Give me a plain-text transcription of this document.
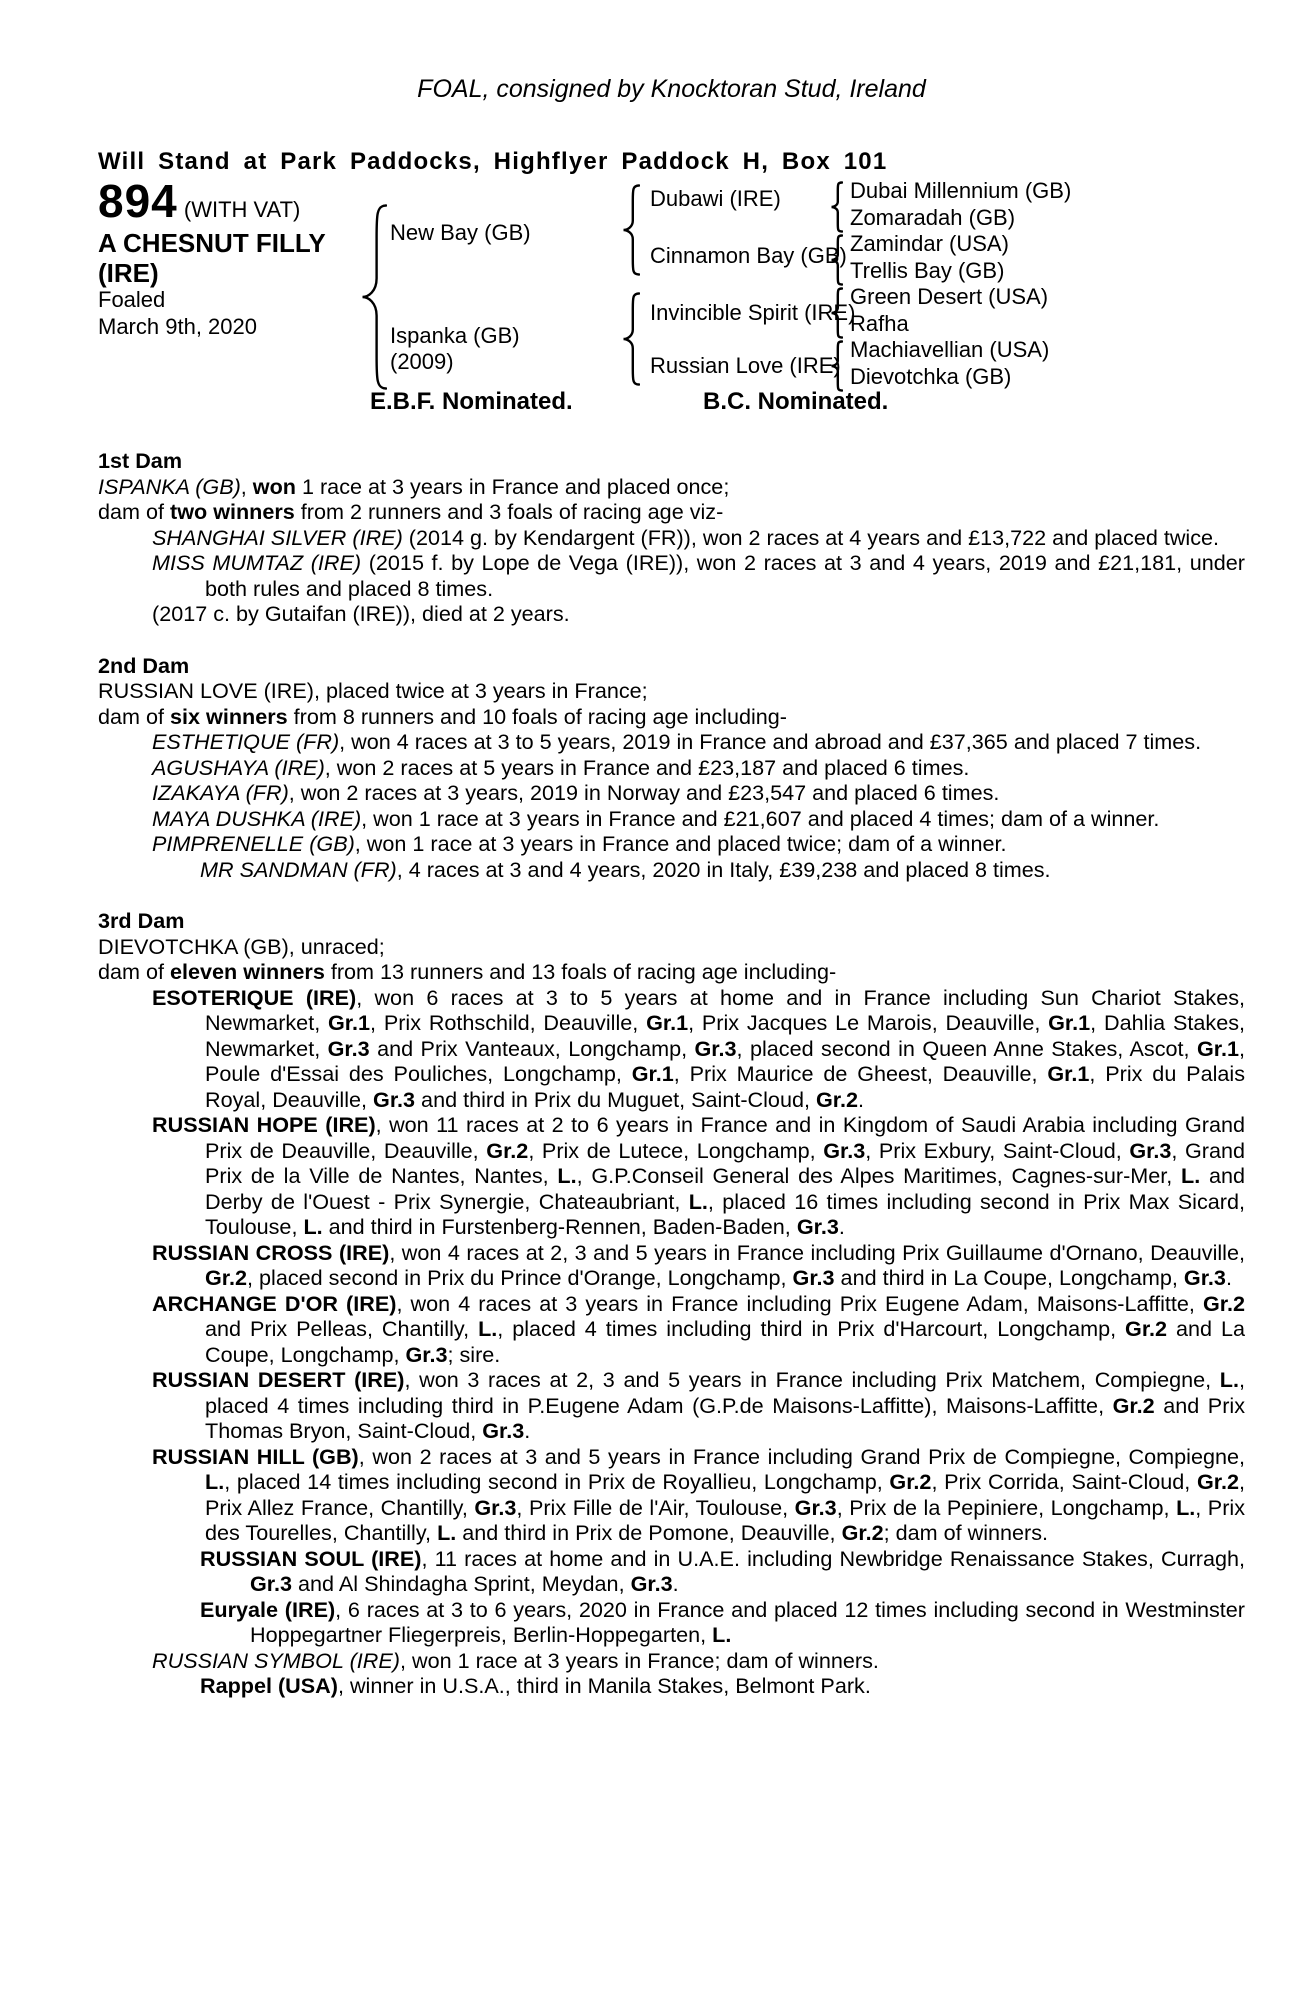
FOAL, consigned by Knocktoran Stud, Ireland
Will Stand at Park Paddocks, Highflyer Paddock H, Box 101
894 (WITH VAT)
A CHESNUT FILLY
(IRE)
Foaled
March 9th, 2020
New Bay (GB)
Ispanka (GB)
(2009)
Dubawi (IRE)
Cinnamon Bay (GB)
Invincible Spirit (IRE)
Russian Love (IRE)
Dubai Millennium (GB)
Zomaradah (GB)
Zamindar (USA)
Trellis Bay (GB)
Green Desert (USA)
Rafha
Machiavellian (USA)
Dievotchka (GB)
E.B.F. Nominated.	B.C. Nominated.
1st Dam

ISPANKA (GB), won 1 race at 3 years in France and placed once;

dam of two winners from 2 runners and 3 foals of racing age viz-

SHANGHAI SILVER (IRE) (2014 g. by Kendargent (FR)), won 2 races at 4 years and £13,722 and placed twice.

MISS MUMTAZ (IRE) (2015 f. by Lope de Vega (IRE)), won 2 races at 3 and 4 years, 2019 and £21,181, under both rules and placed 8 times.

(2017 c. by Gutaifan (IRE)), died at 2 years.

2nd Dam

RUSSIAN LOVE (IRE), placed twice at 3 years in France;

dam of six winners from 8 runners and 10 foals of racing age including-

ESTHETIQUE (FR), won 4 races at 3 to 5 years, 2019 in France and abroad and £37,365 and placed 7 times.

AGUSHAYA (IRE), won 2 races at 5 years in France and £23,187 and placed 6 times.

IZAKAYA (FR), won 2 races at 3 years, 2019 in Norway and £23,547 and placed 6 times.

MAYA DUSHKA (IRE), won 1 race at 3 years in France and £21,607 and placed 4 times; dam of a winner.

PIMPRENELLE (GB), won 1 race at 3 years in France and placed twice; dam of a winner.

MR SANDMAN (FR), 4 races at 3 and 4 years, 2020 in Italy, £39,238 and placed 8 times.

3rd Dam

DIEVOTCHKA (GB), unraced;

dam of eleven winners from 13 runners and 13 foals of racing age including-

ESOTERIQUE (IRE), won 6 races at 3 to 5 years at home and in France including Sun Chariot Stakes, Newmarket, Gr.1, Prix Rothschild, Deauville, Gr.1, Prix Jacques Le Marois, Deauville, Gr.1, Dahlia Stakes, Newmarket, Gr.3 and Prix Vanteaux, Longchamp, Gr.3, placed second in Queen Anne Stakes, Ascot, Gr.1, Poule d'Essai des Pouliches, Longchamp, Gr.1, Prix Maurice de Gheest, Deauville, Gr.1, Prix du Palais Royal, Deauville, Gr.3 and third in Prix du Muguet, Saint-Cloud, Gr.2.

RUSSIAN HOPE (IRE), won 11 races at 2 to 6 years in France and in Kingdom of Saudi Arabia including Grand Prix de Deauville, Deauville, Gr.2, Prix de Lutece, Longchamp, Gr.3, Prix Exbury, Saint-Cloud, Gr.3, Grand Prix de la Ville de Nantes, Nantes, L., G.P.Conseil General des Alpes Maritimes, Cagnes-sur-Mer, L. and Derby de l'Ouest - Prix Synergie, Chateaubriant, L., placed 16 times including second in Prix Max Sicard, Toulouse, L. and third in Furstenberg-Rennen, Baden-Baden, Gr.3.

RUSSIAN CROSS (IRE), won 4 races at 2, 3 and 5 years in France including Prix Guillaume d'Ornano, Deauville, Gr.2, placed second in Prix du Prince d'Orange, Longchamp, Gr.3 and third in La Coupe, Longchamp, Gr.3.

ARCHANGE D'OR (IRE), won 4 races at 3 years in France including Prix Eugene Adam, Maisons-Laffitte, Gr.2 and Prix Pelleas, Chantilly, L., placed 4 times including third in Prix d'Harcourt, Longchamp, Gr.2 and La Coupe, Longchamp, Gr.3; sire.

RUSSIAN DESERT (IRE), won 3 races at 2, 3 and 5 years in France including Prix Matchem, Compiegne, L., placed 4 times including third in P.Eugene Adam (G.P.de Maisons-Laffitte), Maisons-Laffitte, Gr.2 and Prix Thomas Bryon, Saint-Cloud, Gr.3.

RUSSIAN HILL (GB), won 2 races at 3 and 5 years in France including Grand Prix de Compiegne, Compiegne, L., placed 14 times including second in Prix de Royallieu, Longchamp, Gr.2, Prix Corrida, Saint-Cloud, Gr.2, Prix Allez France, Chantilly, Gr.3, Prix Fille de l'Air, Toulouse, Gr.3, Prix de la Pepiniere, Longchamp, L., Prix des Tourelles, Chantilly, L. and third in Prix de Pomone, Deauville, Gr.2; dam of winners.

RUSSIAN SOUL (IRE), 11 races at home and in U.A.E. including Newbridge Renaissance Stakes, Curragh, Gr.3 and Al Shindagha Sprint, Meydan, Gr.3.

Euryale (IRE), 6 races at 3 to 6 years, 2020 in France and placed 12 times including second in Westminster Hoppegartner Fliegerpreis, Berlin-Hoppegarten, L.

RUSSIAN SYMBOL (IRE), won 1 race at 3 years in France; dam of winners.

Rappel (USA), winner in U.S.A., third in Manila Stakes, Belmont Park.
